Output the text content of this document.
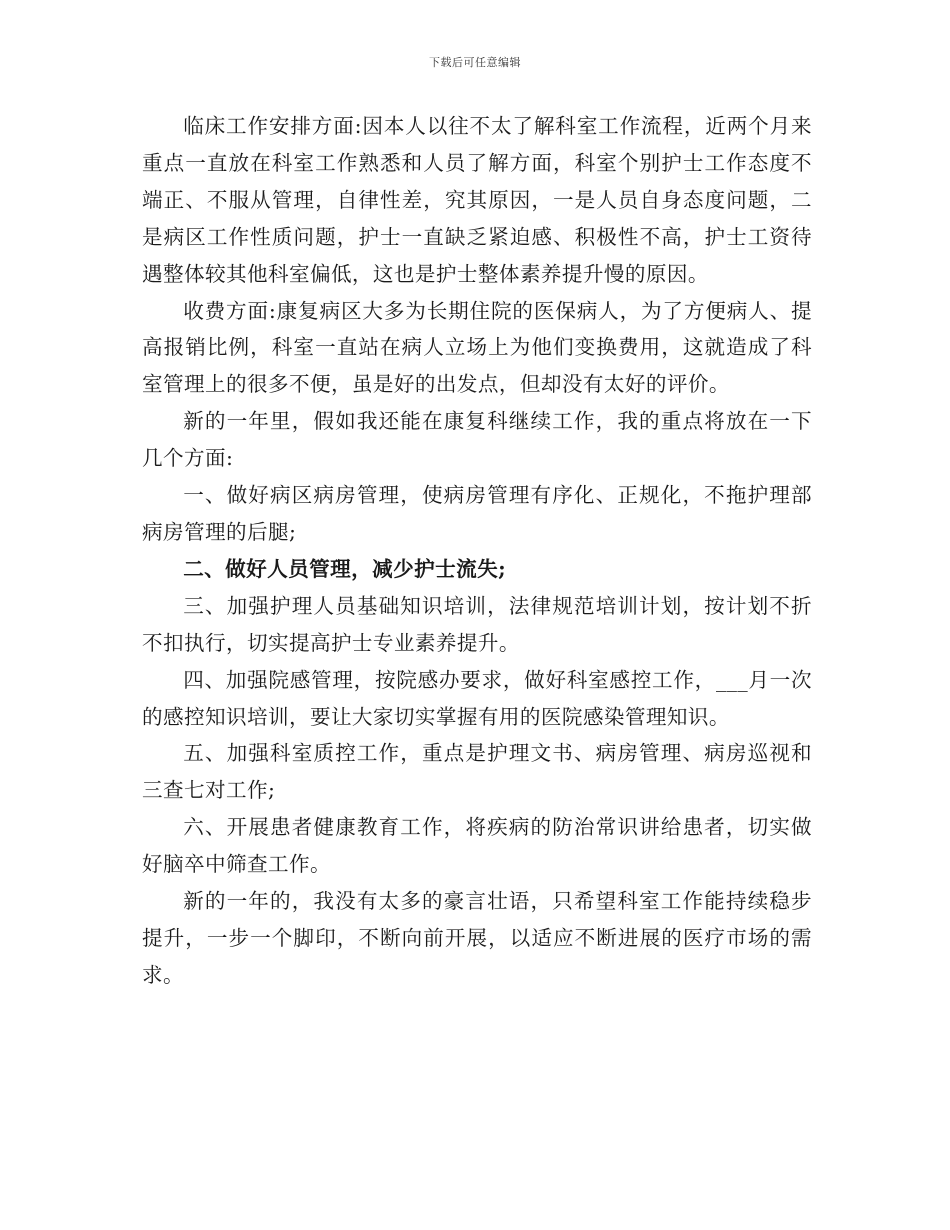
下载后可任意编辑

临床工作安排方面:因本人以往不太了解科室工作流程，近两个月来重点一直放在科室工作熟悉和人员了解方面，科室个别护士工作态度不端正、不服从管理，自律性差，究其原因，一是人员自身态度问题，二是病区工作性质问题，护士一直缺乏紧迫感、积极性不高，护士工资待遇整体较其他科室偏低，这也是护士整体素养提升慢的原因。

收费方面:康复病区大多为长期住院的医保病人，为了方便病人、提高报销比例，科室一直站在病人立场上为他们变换费用，这就造成了科室管理上的很多不便，虽是好的出发点，但却没有太好的评价。

新的一年里，假如我还能在康复科继续工作，我的重点将放在一下几个方面:

一、做好病区病房管理，使病房管理有序化、正规化，不拖护理部病房管理的后腿;

二、做好人员管理，减少护士流失;

三、加强护理人员基础知识培训，法律规范培训计划，按计划不折不扣执行，切实提高护士专业素养提升。

四、加强院感管理，按院感办要求，做好科室感控工作，___月一次的感控知识培训，要让大家切实掌握有用的医院感染管理知识。

五、加强科室质控工作，重点是护理文书、病房管理、病房巡视和三查七对工作;

六、开展患者健康教育工作，将疾病的防治常识讲给患者，切实做好脑卒中筛查工作。

新的一年的，我没有太多的豪言壮语，只希望科室工作能持续稳步提升，一步一个脚印，不断向前开展，以适应不断进展的医疗市场的需求。
